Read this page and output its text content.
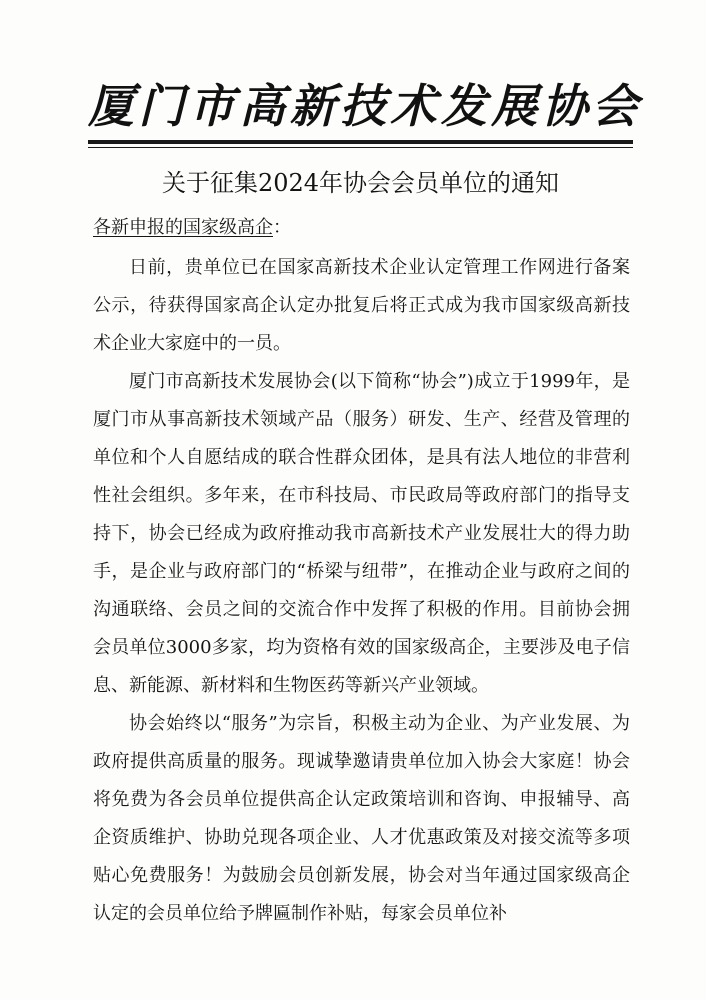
厦门市高新技术发展协会
关于征集2024年协会会员单位的通知
各新申报的国家级高企：

日前，贵单位已在国家高新技术企业认定管理工作网进行备案公示，待获得国家高企认定办批复后将正式成为我市国家级高新技术企业大家庭中的一员。

厦门市高新技术发展协会(以下简称“协会”)成立于1999年，是厦门市从事高新技术领域产品（服务）研发、生产、经营及管理的单位和个人自愿结成的联合性群众团体，是具有法人地位的非营利性社会组织。多年来，在市科技局、市民政局等政府部门的指导支持下，协会已经成为政府推动我市高新技术产业发展壮大的得力助手，是企业与政府部门的“桥梁与纽带”，在推动企业与政府之间的沟通联络、会员之间的交流合作中发挥了积极的作用。目前协会拥会员单位3000多家，均为资格有效的国家级高企，主要涉及电子信息、新能源、新材料和生物医药等新兴产业领域。

协会始终以“服务”为宗旨，积极主动为企业、为产业发展、为政府提供高质量的服务。现诚挚邀请贵单位加入协会大家庭！协会将免费为各会员单位提供高企认定政策培训和咨询、申报辅导、高企资质维护、协助兑现各项企业、人才优惠政策及对接交流等多项贴心免费服务！为鼓励会员创新发展，协会对当年通过国家级高企认定的会员单位给予牌匾制作补贴，每家会员单位补
